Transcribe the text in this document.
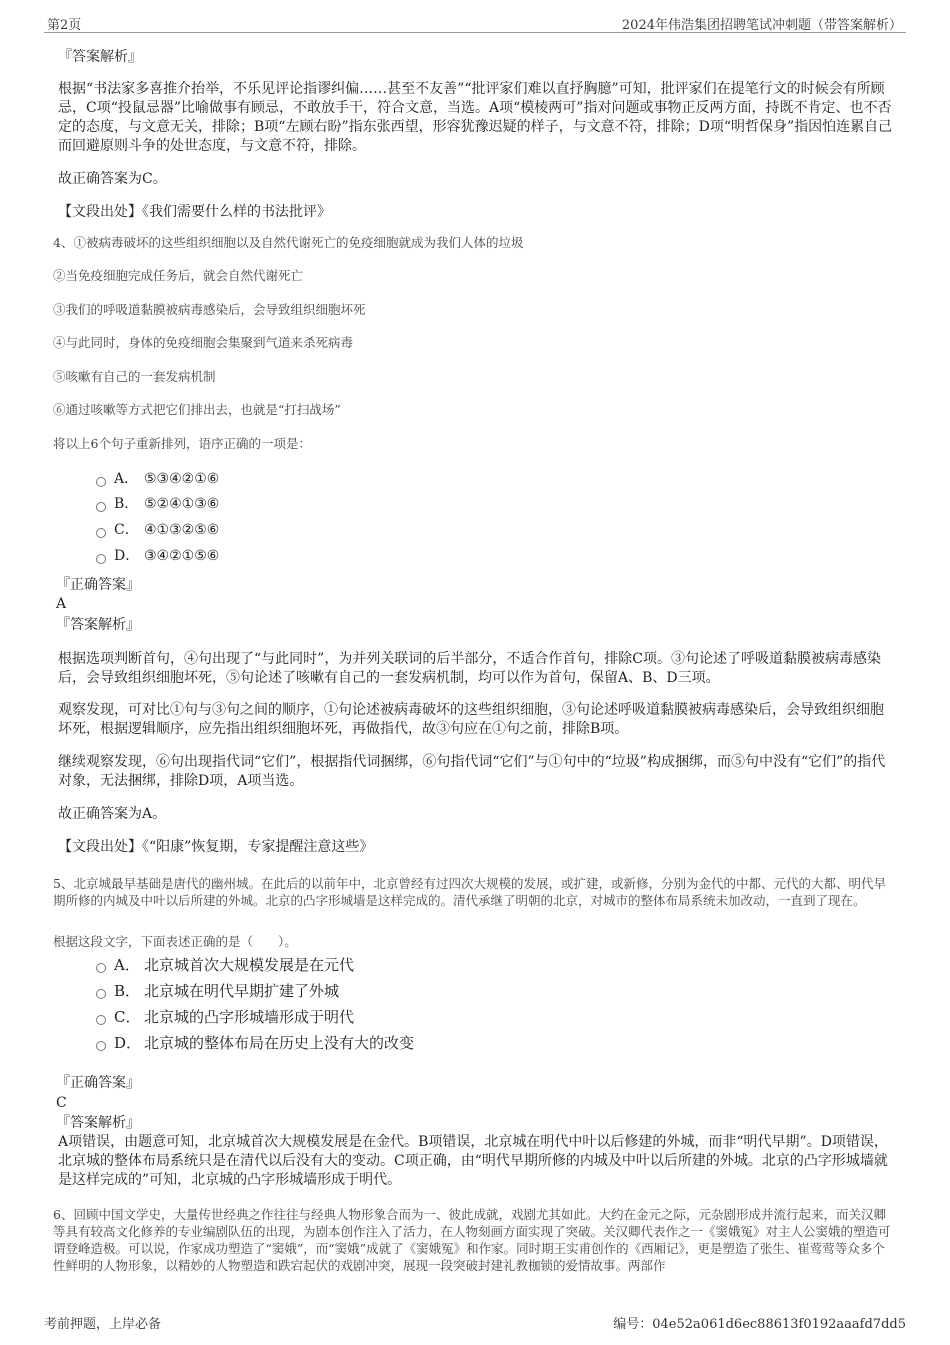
第2页	2024年伟浩集团招聘笔试冲刺题（带答案解析）

『答案解析』

根据“书法家多喜推介抬举，不乐见评论指谬纠偏……甚至不友善”“批评家们难以直抒胸臆”可知，批评家们在提笔行文的时候会有所顾忌，C项“投鼠忌器”比喻做事有顾忌，不敢放手干，符合文意，当选。A项“模棱两可”指对问题或事物正反两方面，持既不肯定、也不否定的态度，与文意无关，排除；B项“左顾右盼”指东张西望，形容犹豫迟疑的样子，与文意不符，排除；D项“明哲保身”指因怕连累自己而回避原则斗争的处世态度，与文意不符，排除。

故正确答案为C。

【文段出处】《我们需要什么样的书法批评》

4、①被病毒破坏的这些组织细胞以及自然代谢死亡的免疫细胞就成为我们人体的垃圾

②当免疫细胞完成任务后，就会自然代谢死亡

③我们的呼吸道黏膜被病毒感染后，会导致组织细胞坏死

④与此同时，身体的免疫细胞会集聚到气道来杀死病毒

⑤咳嗽有自己的一套发病机制

⑥通过咳嗽等方式把它们排出去，也就是“打扫战场”

将以上6个句子重新排列，语序正确的一项是：

A． ⑤③④②①⑥
B． ⑤②④①③⑥
C． ④①③②⑤⑥
D． ③④②①⑤⑥

『正确答案』

A

『答案解析』

根据选项判断首句，④句出现了“与此同时”，为并列关联词的后半部分，不适合作首句，排除C项。③句论述了呼吸道黏膜被病毒感染后，会导致组织细胞坏死，⑤句论述了咳嗽有自己的一套发病机制，均可以作为首句，保留A、B、D三项。

观察发现，可对比①句与③句之间的顺序，①句论述被病毒破坏的这些组织细胞，③句论述呼吸道黏膜被病毒感染后，会导致组织细胞坏死，根据逻辑顺序，应先指出组织细胞坏死，再做指代，故③句应在①句之前，排除B项。

继续观察发现，⑥句出现指代词“它们”，根据指代词捆绑，⑥句指代词“它们”与①句中的“垃圾”构成捆绑，而⑤句中没有“它们”的指代对象，无法捆绑，排除D项，A项当选。

故正确答案为A。

【文段出处】《“阳康”恢复期，专家提醒注意这些》

5、北京城最早基础是唐代的幽州城。在此后的以前年中，北京曾经有过四次大规模的发展，或扩建，或新修，分别为金代的中都、元代的大都、明代早期所修的内城及中叶以后所建的外城。北京的凸字形城墙是这样完成的。清代承继了明朝的北京，对城市的整体布局系统未加改动，一直到了现在。

根据这段文字，下面表述正确的是（　　）。

A． 北京城首次大规模发展是在元代
B． 北京城在明代早期扩建了外城
C． 北京城的凸字形城墙形成于明代
D． 北京城的整体布局在历史上没有大的改变

『正确答案』

C

『答案解析』

A项错误，由题意可知，北京城首次大规模发展是在金代。B项错误，北京城在明代中叶以后修建的外城，而非“明代早期”。D项错误，北京城的整体布局系统只是在清代以后没有大的变动。C项正确，由“明代早期所修的内城及中叶以后所建的外城。北京的凸字形城墙就是这样完成的”可知，北京城的凸字形城墙形成于明代。

6、回顾中国文学史，大量传世经典之作往往与经典人物形象合而为一、彼此成就，戏剧尤其如此。大约在金元之际，元杂剧形成并流行起来，而关汉卿等具有较高文化修养的专业编剧队伍的出现，为剧本创作注入了活力，在人物刻画方面实现了突破。关汉卿代表作之一《窦娥冤》对主人公窦娥的塑造可谓登峰造极。可以说，作家成功塑造了“窦娥”，而“窦娥”成就了《窦娥冤》和作家。同时期王实甫创作的《西厢记》，更是塑造了张生、崔莺莺等众多个性鲜明的人物形象，以精妙的人物塑造和跌宕起伏的戏剧冲突，展现一段突破封建礼教枷锁的爱情故事。两部作

考前押题，上岸必备	编号：04e52a061d6ec88613f0192aaafd7dd5
